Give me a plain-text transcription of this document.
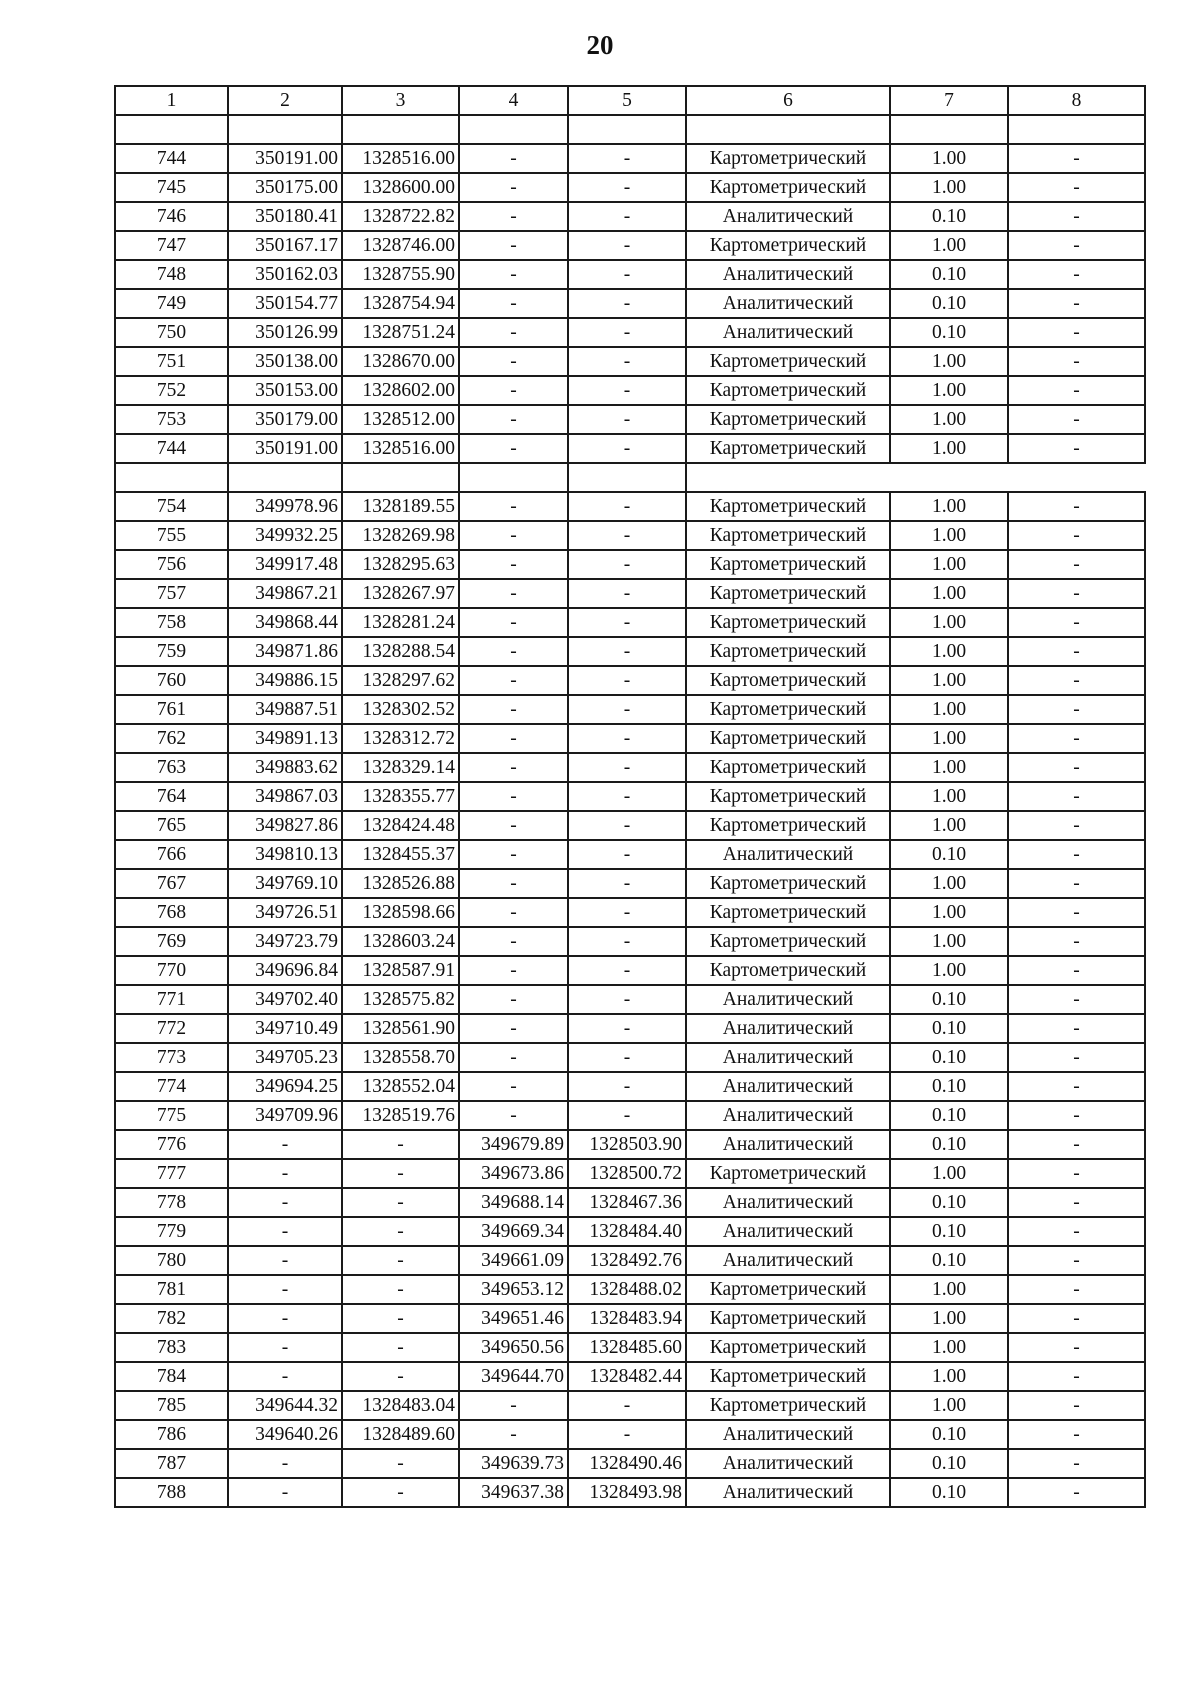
20
1	2	3	4	5	6	7	8

744	350191.00	1328516.00	-	-	Картометрический	1.00	-
745	350175.00	1328600.00	-	-	Картометрический	1.00	-
746	350180.41	1328722.82	-	-	Аналитический	0.10	-
747	350167.17	1328746.00	-	-	Картометрический	1.00	-
748	350162.03	1328755.90	-	-	Аналитический	0.10	-
749	350154.77	1328754.94	-	-	Аналитический	0.10	-
750	350126.99	1328751.24	-	-	Аналитический	0.10	-
751	350138.00	1328670.00	-	-	Картометрический	1.00	-
752	350153.00	1328602.00	-	-	Картометрический	1.00	-
753	350179.00	1328512.00	-	-	Картометрический	1.00	-
744	350191.00	1328516.00	-	-	Картометрический	1.00	-

754	349978.96	1328189.55	-	-	Картометрический	1.00	-
755	349932.25	1328269.98	-	-	Картометрический	1.00	-
756	349917.48	1328295.63	-	-	Картометрический	1.00	-
757	349867.21	1328267.97	-	-	Картометрический	1.00	-
758	349868.44	1328281.24	-	-	Картометрический	1.00	-
759	349871.86	1328288.54	-	-	Картометрический	1.00	-
760	349886.15	1328297.62	-	-	Картометрический	1.00	-
761	349887.51	1328302.52	-	-	Картометрический	1.00	-
762	349891.13	1328312.72	-	-	Картометрический	1.00	-
763	349883.62	1328329.14	-	-	Картометрический	1.00	-
764	349867.03	1328355.77	-	-	Картометрический	1.00	-
765	349827.86	1328424.48	-	-	Картометрический	1.00	-
766	349810.13	1328455.37	-	-	Аналитический	0.10	-
767	349769.10	1328526.88	-	-	Картометрический	1.00	-
768	349726.51	1328598.66	-	-	Картометрический	1.00	-
769	349723.79	1328603.24	-	-	Картометрический	1.00	-
770	349696.84	1328587.91	-	-	Картометрический	1.00	-
771	349702.40	1328575.82	-	-	Аналитический	0.10	-
772	349710.49	1328561.90	-	-	Аналитический	0.10	-
773	349705.23	1328558.70	-	-	Аналитический	0.10	-
774	349694.25	1328552.04	-	-	Аналитический	0.10	-
775	349709.96	1328519.76	-	-	Аналитический	0.10	-
776	-	-	349679.89	1328503.90	Аналитический	0.10	-
777	-	-	349673.86	1328500.72	Картометрический	1.00	-
778	-	-	349688.14	1328467.36	Аналитический	0.10	-
779	-	-	349669.34	1328484.40	Аналитический	0.10	-
780	-	-	349661.09	1328492.76	Аналитический	0.10	-
781	-	-	349653.12	1328488.02	Картометрический	1.00	-
782	-	-	349651.46	1328483.94	Картометрический	1.00	-
783	-	-	349650.56	1328485.60	Картометрический	1.00	-
784	-	-	349644.70	1328482.44	Картометрический	1.00	-
785	349644.32	1328483.04	-	-	Картометрический	1.00	-
786	349640.26	1328489.60	-	-	Аналитический	0.10	-
787	-	-	349639.73	1328490.46	Аналитический	0.10	-
788	-	-	349637.38	1328493.98	Аналитический	0.10	-
